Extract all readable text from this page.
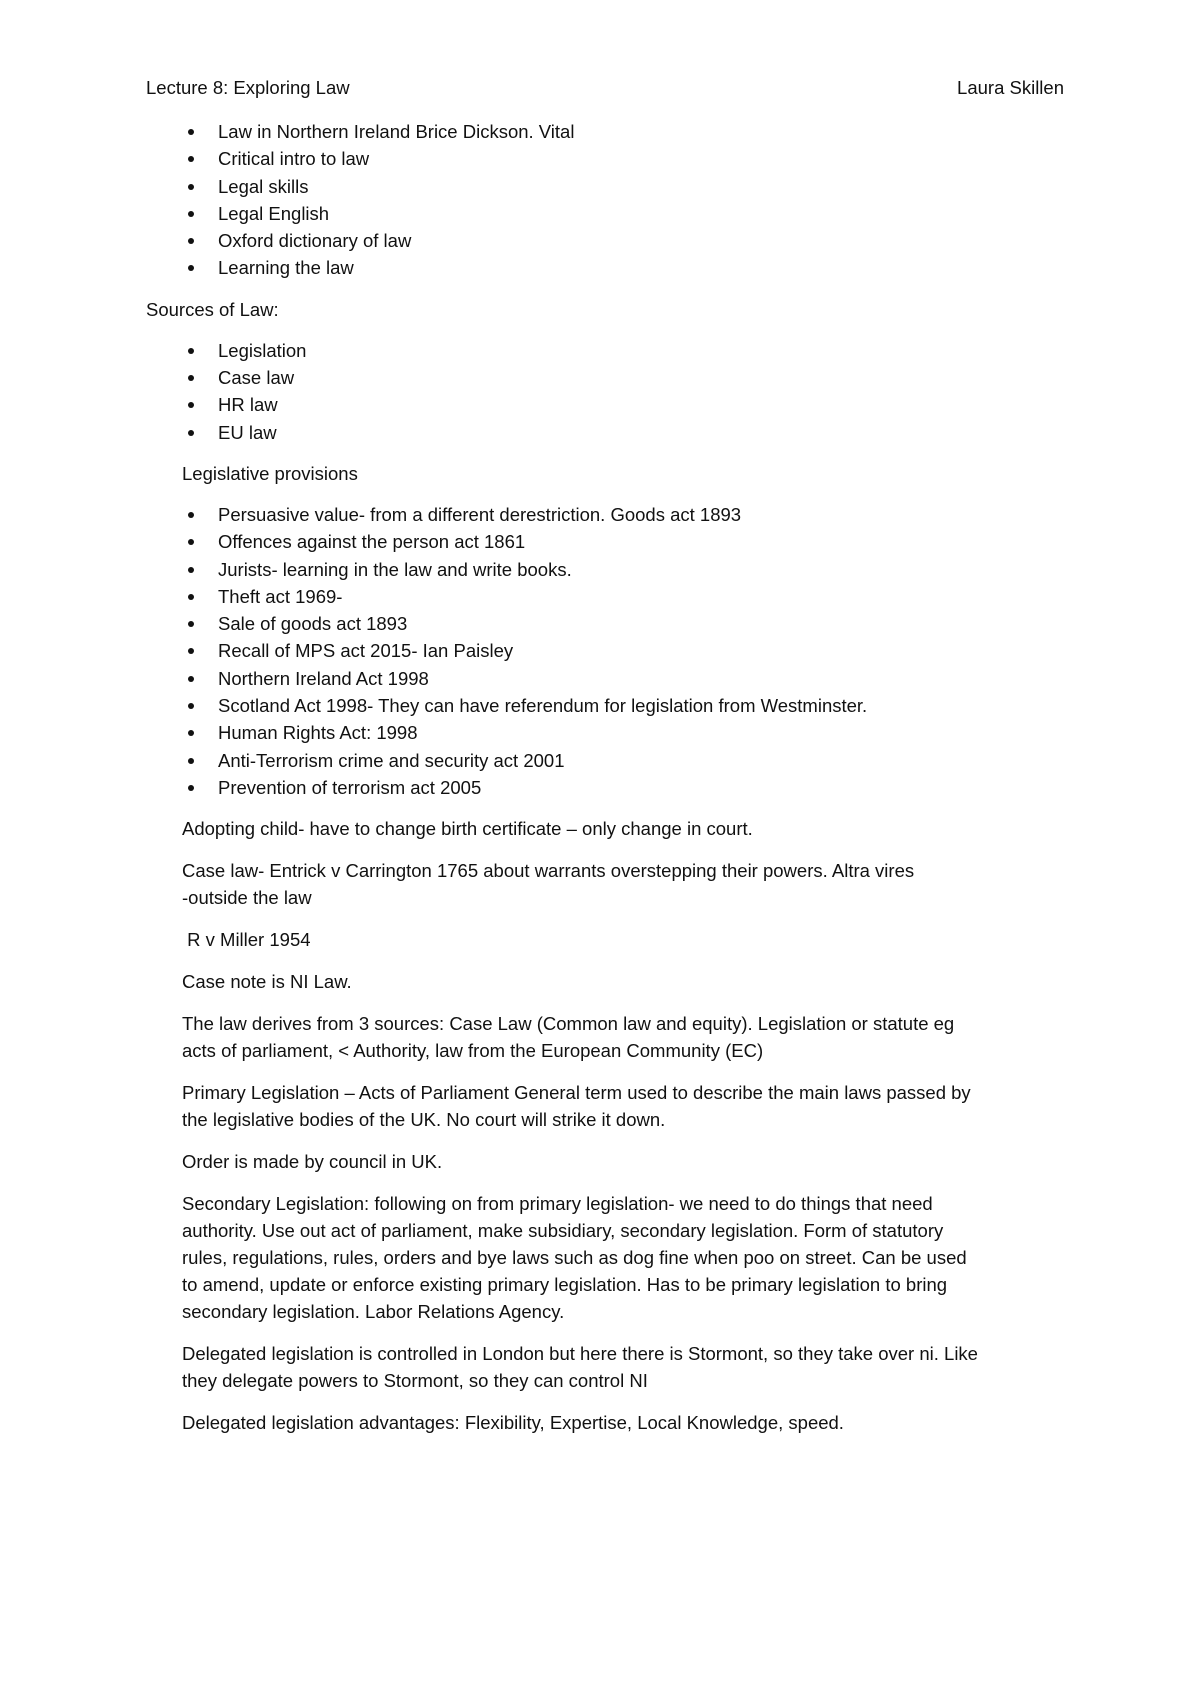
Lecture 8: Exploring Law	Laura Skillen
Law in Northern Ireland Brice Dickson. Vital
Critical intro to law
Legal skills
Legal English
Oxford dictionary of law
Learning the law

Sources of Law:

Legislation
Case law
HR law
EU law

Legislative provisions

Persuasive value- from a different derestriction. Goods act 1893
Offences against the person act 1861
Jurists- learning in the law and write books.
Theft act 1969-
Sale of goods act 1893
Recall of MPS act 2015- Ian Paisley
Northern Ireland Act 1998
Scotland Act 1998- They can have referendum for legislation from Westminster.
Human Rights Act: 1998
Anti-Terrorism crime and security act 2001
Prevention of terrorism act 2005

Adopting child- have to change birth certificate – only change in court.

Case law- Entrick v Carrington 1765 about warrants overstepping their powers. Altra vires

-outside the law

R v Miller 1954

Case note is NI Law.

The law derives from 3 sources: Case Law (Common law and equity). Legislation or statute eg

acts of parliament, < Authority, law from the European Community (EC)

Primary Legislation – Acts of Parliament General term used to describe the main laws passed by

the legislative bodies of the UK. No court will strike it down.

Order is made by council in UK.

Secondary Legislation: following on from primary legislation- we need to do things that need

authority. Use out act of parliament, make subsidiary, secondary legislation. Form of statutory

rules, regulations, rules, orders and bye laws such as dog fine when poo on street. Can be used

to amend, update or enforce existing primary legislation. Has to be primary legislation to bring

secondary legislation. Labor Relations Agency.

Delegated legislation is controlled in London but here there is Stormont, so they take over ni. Like

they delegate powers to Stormont, so they can control NI

Delegated legislation advantages: Flexibility, Expertise, Local Knowledge, speed.
